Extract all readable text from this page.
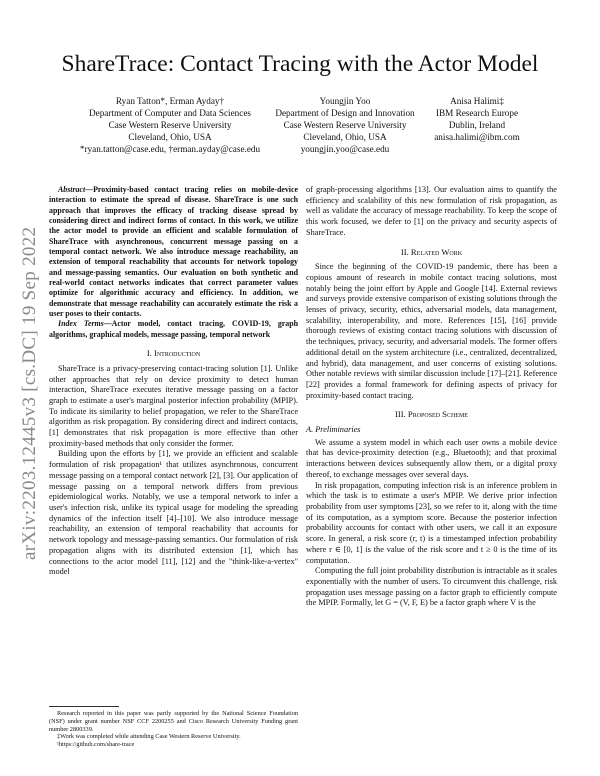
arXiv:2203.12445v3 [cs.DC] 19 Sep 2022
ShareTrace: Contact Tracing with the Actor Model
Ryan Tatton*, Erman Ayday†
Department of Computer and Data Sciences
Case Western Reserve University
Cleveland, Ohio, USA
*ryan.tatton@case.edu, †erman.ayday@case.edu
Youngjin Yoo
Department of Design and Innovation
Case Western Reserve University
Cleveland, Ohio, USA
youngjin.yoo@case.edu
Anisa Halimi‡
IBM Research Europe
Dublin, Ireland
anisa.halimi@ibm.com

Abstract—Proximity-based contact tracing relies on mobile-device interaction to estimate the spread of disease. ShareTrace is one such approach that improves the efficacy of tracking disease spread by considering direct and indirect forms of contact. In this work, we utilize the actor model to provide an efficient and scalable formulation of ShareTrace with asynchronous, concurrent message passing on a temporal contact network. We also introduce message reachability, an extension of temporal reachability that accounts for network topology and message-passing semantics. Our evaluation on both synthetic and real-world contact networks indicates that correct parameter values optimize for algorithmic accuracy and efficiency. In addition, we demonstrate that message reachability can accurately estimate the risk a user poses to their contacts.

Index Terms—Actor model, contact tracing, COVID-19, graph algorithms, graphical models, message passing, temporal network

I. Introduction

ShareTrace is a privacy-preserving contact-tracing solution [1]. Unlike other approaches that rely on device proximity to detect human interaction, ShareTrace executes iterative message passing on a factor graph to estimate a user's marginal posterior infection probability (MPIP). To indicate its similarity to belief propagation, we refer to the ShareTrace algorithm as risk propagation. By considering direct and indirect contacts, [1] demonstrates that risk propagation is more effective than other proximity-based methods that only consider the former.

Building upon the efforts by [1], we provide an efficient and scalable formulation of risk propagation¹ that utilizes asynchronous, concurrent message passing on a temporal contact network [2], [3]. Our application of message passing on a temporal network differs from previous epidemiological works. Notably, we use a temporal network to infer a user's infection risk, unlike its typical usage for modeling the spreading dynamics of the infection itself [4]–[10]. We also introduce message reachability, an extension of temporal reachability that accounts for network topology and message-passing semantics. Our formulation of risk propagation aligns with its distributed extension [1], which has connections to the actor model [11], [12] and the "think-like-a-vertex" model

of graph-processing algorithms [13]. Our evaluation aims to quantify the efficiency and scalability of this new formulation of risk propagation, as well as validate the accuracy of message reachability. To keep the scope of this work focused, we defer to [1] on the privacy and security aspects of ShareTrace.

II. Related Work

Since the beginning of the COVID-19 pandemic, there has been a copious amount of research in mobile contact tracing solutions, most notably being the joint effort by Apple and Google [14]. External reviews and surveys provide extensive comparison of existing solutions through the lenses of privacy, security, ethics, adversarial models, data management, scalability, interoperability, and more. References [15], [16] provide thorough reviews of existing contact tracing solutions with discussion of the techniques, privacy, security, and adversarial models. The former offers additional detail on the system architecture (i.e., centralized, decentralized, and hybrid), data management, and user concerns of existing solutions. Other notable reviews with similar discussion include [17]–[21]. Reference [22] provides a formal framework for defining aspects of privacy for proximity-based contact tracing.

III. Proposed Scheme
A. Preliminaries

We assume a system model in which each user owns a mobile device that has device-proximity detection (e.g., Bluetooth); and that proximal interactions between devices subsequently allow them, or a digital proxy thereof, to exchange messages over several days.

In risk propagation, computing infection risk is an inference problem in which the task is to estimate a user's MPIP. We derive prior infection probability from user symptoms [23], so we refer to it, along with the time of its computation, as a symptom score. Because the posterior infection probability accounts for contact with other users, we call it an exposure score. In general, a risk score (r, t) is a timestamped infection probability where r ∈ [0, 1] is the value of the risk score and t ≥ 0 is the time of its computation.

Computing the full joint probability distribution is intractable as it scales exponentially with the number of users. To circumvent this challenge, risk propagation uses message passing on a factor graph to efficiently compute the MPIP. Formally, let G = (V, F, E) be a factor graph where V is the

Research reported in this paper was partly supported by the National Science Foundation (NSF) under grant number NSF CCF 2200255 and Cisco Research University Funding grant number 2800339.

‡Work was completed while attending Case Western Reserve University.

¹https://github.com/share-trace
